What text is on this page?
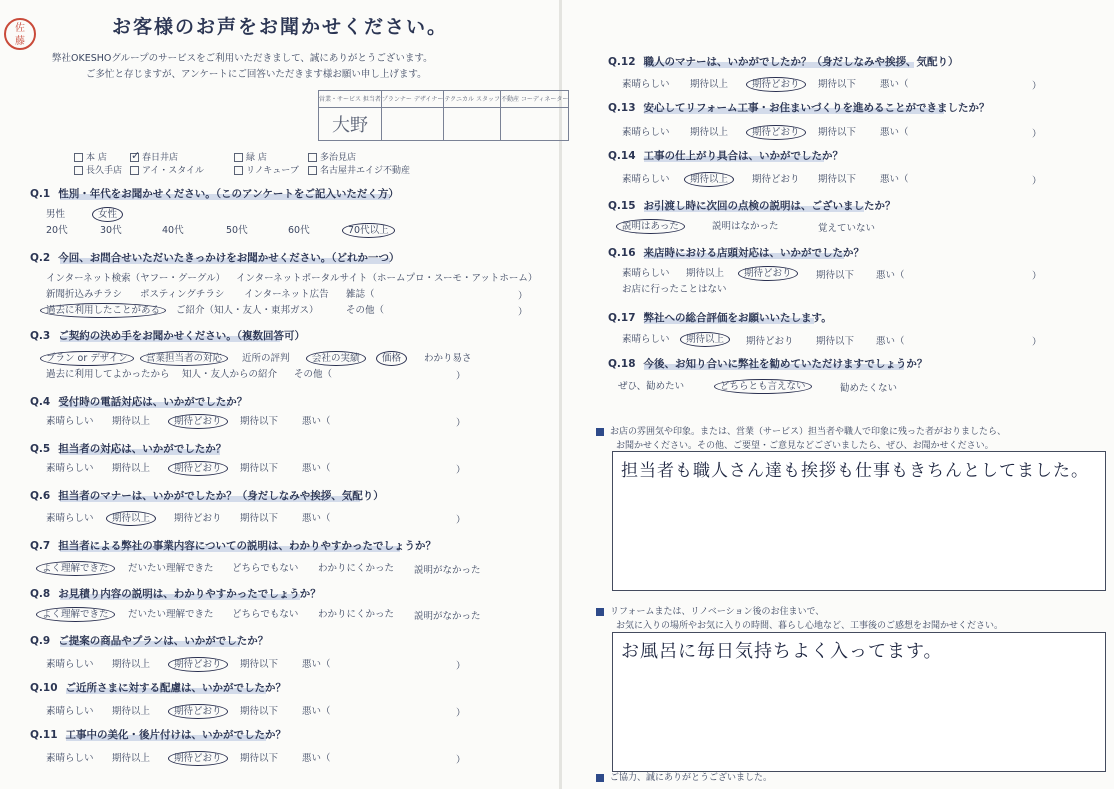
佐
藤
お客様のお声をお聞かせください。
弊社OKESHOグループのサービスをご利用いただきまして、誠にありがとうございます。
ご多忙と存じますが、アンケートにご回答いただきます様お願い申し上げます。
営業・サービス 担当者	プランナー デザイナー	テクニカル スタッフ	不動産 コーディネーター
大野			
本 店 ✓ 春日井店	緑 店	多治見店
長久手店	アイ・スタイル	リノキューブ	名古屋井エイジ不動産
Q.1 性別・年代をお聞かせください。（このアンケートをご記入いただく方）
男性	女性
20代	30代	40代	50代	60代	70代以上
Q.2 今回、お問合せいただいたきっかけをお聞かせください。（どれか一つ）
インターネット検索（ヤフー・グーグル） インターネットポータルサイト（ホームプロ・スーモ・アットホーム）
新聞折込みチラシ ポスティングチラシ インターネット広告 雑誌（	）
過去に利用したことがある ご紹介（知人・友人・東邦ガス）	その他（	）
Q.3 ご契約の決め手をお聞かせください。（複数回答可）
プラン or デザイン 営業担当者の対応 近所の評判 会社の実績 価格 わかり易さ
過去に利用してよかったから 知人・友人からの紹介 その他（	）
Q.4 受付時の電話対応は、いかがでしたか？
素晴らしい 期待以上	期待どおり 期待以下	悪い（	）
Q.5 担当者の対応は、いかがでしたか？
素晴らしい 期待以上	期待どおり 期待以下	悪い（	）
Q.6 担当者のマナーは、いかがでしたか？（身だしなみや挨拶、気配り）
素晴らしい 期待以上	期待どおり 期待以下	悪い（	）
Q.7 担当者による弊社の事業内容についての説明は、わかりやすかったでしょうか？
よく理解できた だいたい理解できた どちらでもない わかりにくかった 説明がなかった
Q.8 お見積り内容の説明は、わかりやすかったでしょうか？
よく理解できた だいたい理解できた どちらでもない わかりにくかった 説明がなかった
Q.9 ご提案の商品やプランは、いかがでしたか？
素晴らしい 期待以上	期待どおり 期待以下	悪い（	）
Q.10 ご近所さまに対する配慮は、いかがでしたか？
素晴らしい 期待以上	期待どおり 期待以下	悪い（	）
Q.11 工事中の美化・後片付けは、いかがでしたか？
素晴らしい 期待以上	期待どおり 期待以下	悪い（	）
Q.12 職人のマナーは、いかがでしたか？（身だしなみや挨拶、気配り）
素晴らしい 期待以上	期待どおり 期待以下	悪い（	）
Q.13 安心してリフォーム工事・お住まいづくりを進めることができましたか？
素晴らしい 期待以上	期待どおり 期待以下	悪い（	）
Q.14 工事の仕上がり具合は、いかがでしたか？
素晴らしい 期待以上	期待どおり 期待以下	悪い（	）
Q.15 お引渡し時に次回の点検の説明は、ございましたか？
説明はあった	説明はなかった	覚えていない
Q.16 来店時における店頭対応は、いかがでしたか？
素晴らしい 期待以上 期待どおり	期待以下 悪い（	）
お店に行ったことはない
Q.17 弊社への総合評価をお願いいたします。
素晴らしい 期待以上 期待どおり 期待以下 悪い（	）
Q.18 今後、お知り合いに弊社を勧めていただけますでしょうか？
ぜひ、勧めたい	どちらとも言えない	勧めたくない
お店の雰囲気や印象。または、営業（サービス）担当者や職人で印象に残った者がおりましたら、
お聞かせください。その他、ご要望・ご意見などございましたら、ぜひ、お聞かせください。
担当者も職人さん達も挨拶も仕事もきちんとしてました。
リフォームまたは、リノベーション後のお住まいで、
お気に入りの場所やお気に入りの時間、暮らし心地など、工事後のご感想をお聞かせください。
お風呂に毎日気持ちよく入ってます。
ご協力、誠にありがとうございました。
